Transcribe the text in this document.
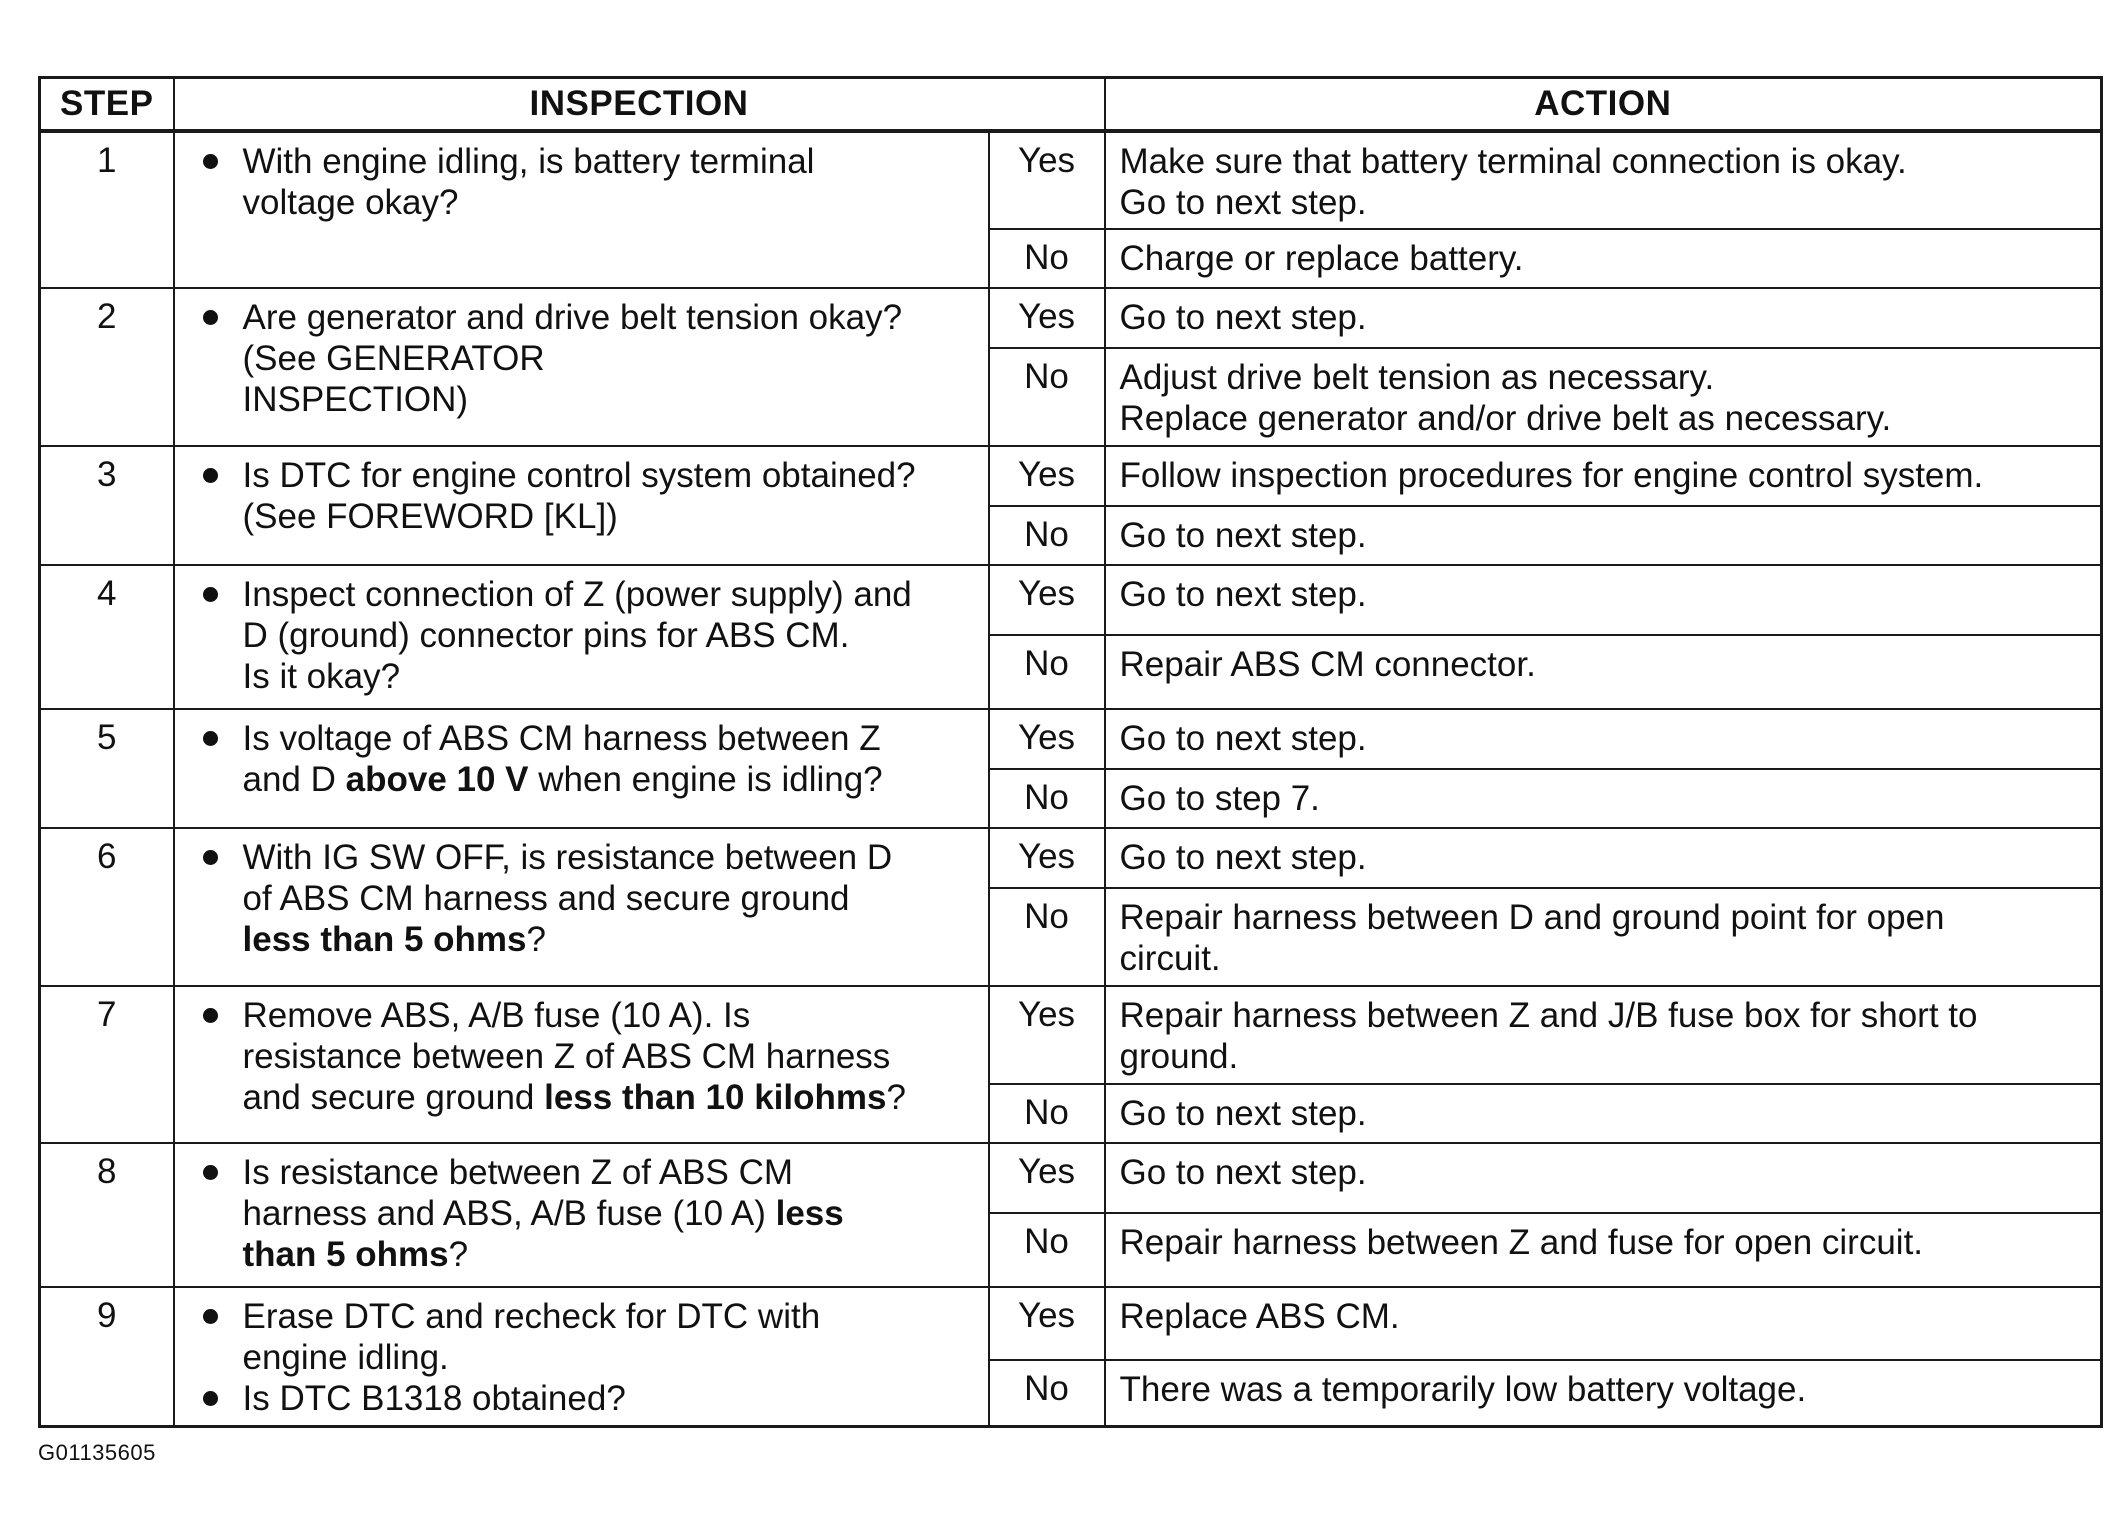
STEP	INSPECTION		ACTION
1	With engine idling, is battery terminal
voltage okay?	Yes	Make sure that battery terminal connection is okay.
Go to next step.
		No	Charge or replace battery.
2	Are generator and drive belt tension okay?
(See GENERATOR
INSPECTION)	Yes	Go to next step.
		No	Adjust drive belt tension as necessary.
Replace generator and/or drive belt as necessary.
3	Is DTC for engine control system obtained?
(See FOREWORD [KL])	Yes	Follow inspection procedures for engine control system.
		No	Go to next step.
4	Inspect connection of Z (power supply) and
D (ground) connector pins for ABS CM.
Is it okay?	Yes	Go to next step.
		No	Repair ABS CM connector.
5	Is voltage of ABS CM harness between Z
and D above 10 V when engine is idling?	Yes	Go to next step.
		No	Go to step 7.
6	With IG SW OFF, is resistance between D
of ABS CM harness and secure ground
less than 5 ohms?	Yes	Go to next step.
		No	Repair harness between D and ground point for open
circuit.
7	Remove ABS, A/B fuse (10 A). Is
resistance between Z of ABS CM harness
and secure ground less than 10 kilohms?	Yes	Repair harness between Z and J/B fuse box for short to
ground.
		No	Go to next step.
8	Is resistance between Z of ABS CM
harness and ABS, A/B fuse (10 A) less
than 5 ohms?	Yes	Go to next step.
		No	Repair harness between Z and fuse for open circuit.
9	Erase DTC and recheck for DTC with
engine idling.
Is DTC B1318 obtained?	Yes	Replace ABS CM.
		No	There was a temporarily low battery voltage.
G01135605
